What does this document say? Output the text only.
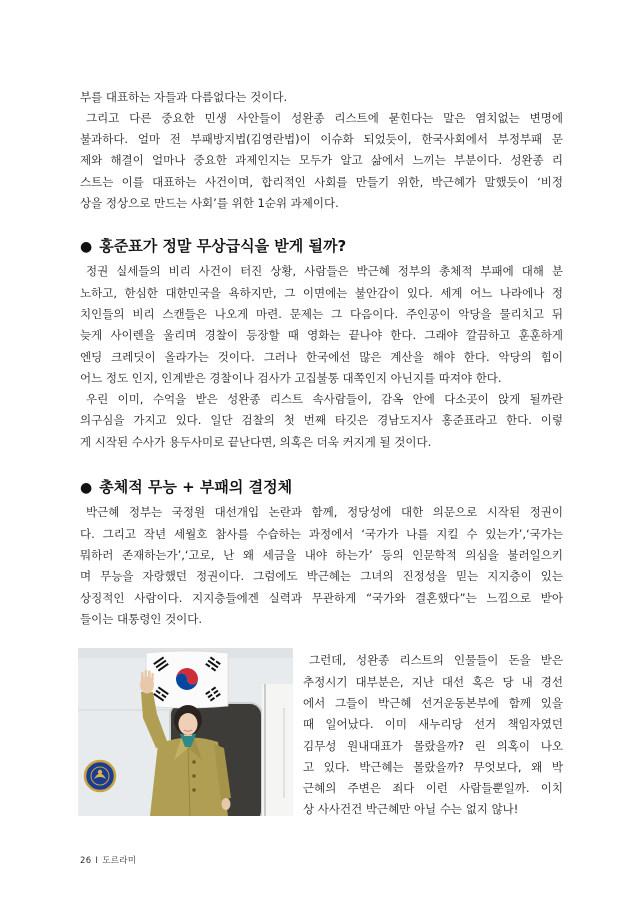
부를 대표하는 자들과 다름없다는 것이다.
그리고 다른 중요한 민생 사안들이 성완종 리스트에 묻힌다는 말은 염치없는 변명에
불과하다. 얼마 전 부패방지법(김영란법)이 이슈화 되었듯이, 한국사회에서 부정부패 문
제와 해결이 얼마나 중요한 과제인지는 모두가 알고 삶에서 느끼는 부분이다. 성완종 리
스트는 이를 대표하는 사건이며, 합리적인 사회를 만들기 위한, 박근혜가 말했듯이 ‘비정
상을 정상으로 만드는 사회’를 위한 1순위 과제이다.
● 홍준표가 정말 무상급식을 받게 될까?
정권 실세들의 비리 사건이 터진 상황, 사람들은 박근혜 정부의 총체적 부패에 대해 분
노하고, 한심한 대한민국을 욕하지만, 그 이면에는 불안감이 있다. 세계 어느 나라에나 정
치인들의 비리 스캔들은 나오게 마련. 문제는 그 다음이다. 주인공이 악당을 물리치고 뒤
늦게 사이렌을 울리며 경찰이 등장할 때 영화는 끝나야 한다. 그래야 깔끔하고 훈훈하게
엔딩 크레딧이 올라가는 것이다. 그러나 한국에선 많은 계산을 해야 한다. 악당의 힘이
어느 정도 인지, 인계받은 경찰이나 검사가 고집불통 대쪽인지 아닌지를 따져야 한다.
우린 이미, 수억을 받은 성완종 리스트 속사람들이, 감옥 안에 다소곳이 앉게 될까란
의구심을 가지고 있다. 일단 검찰의 첫 번째 타깃은 경남도지사 홍준표라고 한다. 이렇
게 시작된 수사가 용두사미로 끝난다면, 의혹은 더욱 커지게 될 것이다.
● 총체적 무능 + 부패의 결정체
박근혜 정부는 국정원 대선개입 논란과 함께, 정당성에 대한 의문으로 시작된 정권이
다. 그리고 작년 세월호 참사를 수습하는 과정에서 ‘국가가 나를 지킬 수 있는가’,‘국가는
뭐하러 존재하는가’,‘고로, 난 왜 세금을 내야 하는가’ 등의 인문학적 의심을 불러일으키
며 무능을 자랑했던 정권이다. 그럼에도 박근혜는 그녀의 진정성을 믿는 지지층이 있는
상징적인 사람이다. 지지층들에겐 실력과 무관하게 “국가와 결혼했다”는 느낌으로 받아
들이는 대통령인 것이다.
그런데, 성완종 리스트의 인물들이 돈을 받은
추정시기 대부분은, 지난 대선 혹은 당 내 경선
에서 그들이 박근혜 선거운동본부에 함께 있을
때 일어났다. 이미 새누리당 선거 책임자였던
김무성 원내대표가 몰랐을까? 린 의혹이 나오
고 있다. 박근혜는 몰랐을까? 무엇보다, 왜 박
근혜의 주변은 죄다 이런 사람들뿐일까. 이치
상 사사건건 박근혜만 아닐 수는 없지 않나!
26 I 도르라미
